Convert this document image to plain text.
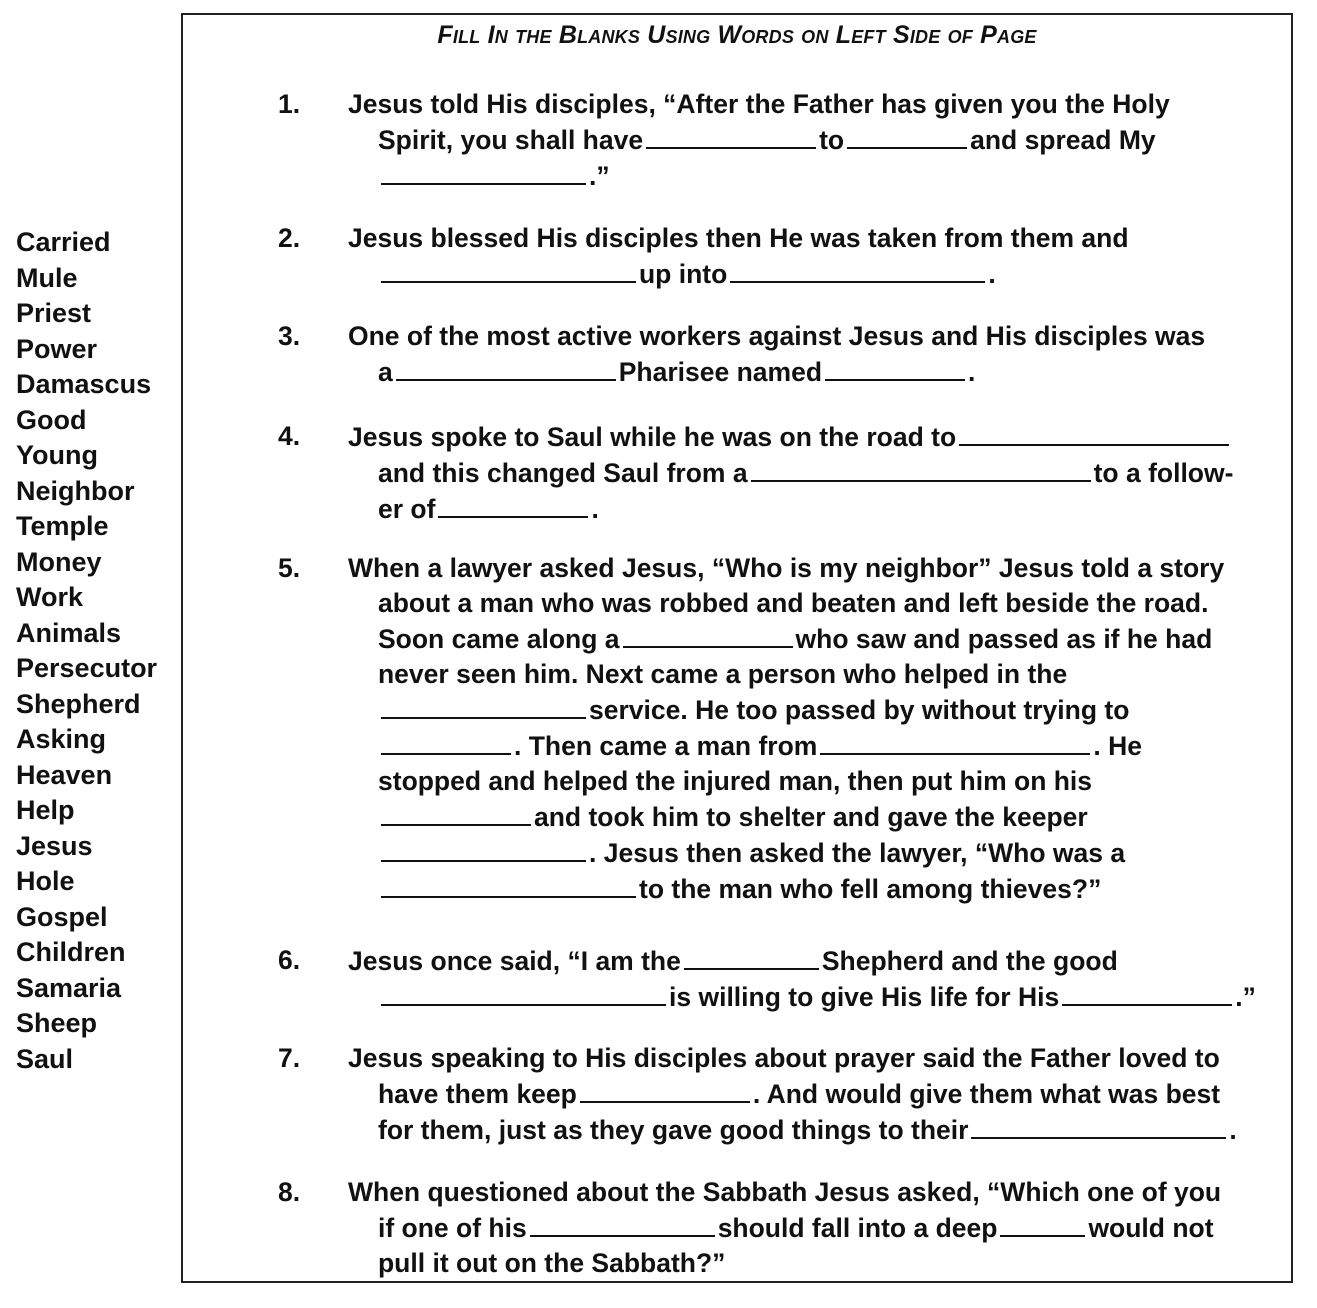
Carried
Mule
Priest
Power
Damascus
Good
Young
Neighbor
Temple
Money
Work
Animals
Persecutor
Shepherd
Asking
Heaven
Help
Jesus
Hole
Gospel
Children
Samaria
Sheep
Saul
Fill In the Blanks Using Words on Left Side of Page
1. Jesus told His disciples, “After the Father has given you the Holy
Spirit, you shall have	to	and spread My
.”
2. Jesus blessed His disciples then He was taken from them and
up into	.
3. One of the most active workers against Jesus and His disciples was
a	Pharisee named	.
4. Jesus spoke to Saul while he was on the road to
and this changed Saul from a	to a follow-
er of	.
5. When a lawyer asked Jesus, “Who is my neighbor” Jesus told a story
about a man who was robbed and beaten and left beside the road.
Soon came along a	who saw and passed as if he had
never seen him. Next came a person who helped in the
service. He too passed by without trying to
. Then came a man from	. He
stopped and helped the injured man, then put him on his
and took him to shelter and gave the keeper
. Jesus then asked the lawyer, “Who was a
to the man who fell among thieves?”
6. Jesus once said, “I am the	Shepherd and the good
is willing to give His life for His	.”
7. Jesus speaking to His disciples about prayer said the Father loved to
have them keep	. And would give them what was best
for them, just as they gave good things to their	.
8. When questioned about the Sabbath Jesus asked, “Which one of you
if one of his	should fall into a deep	would not
pull it out on the Sabbath?”
